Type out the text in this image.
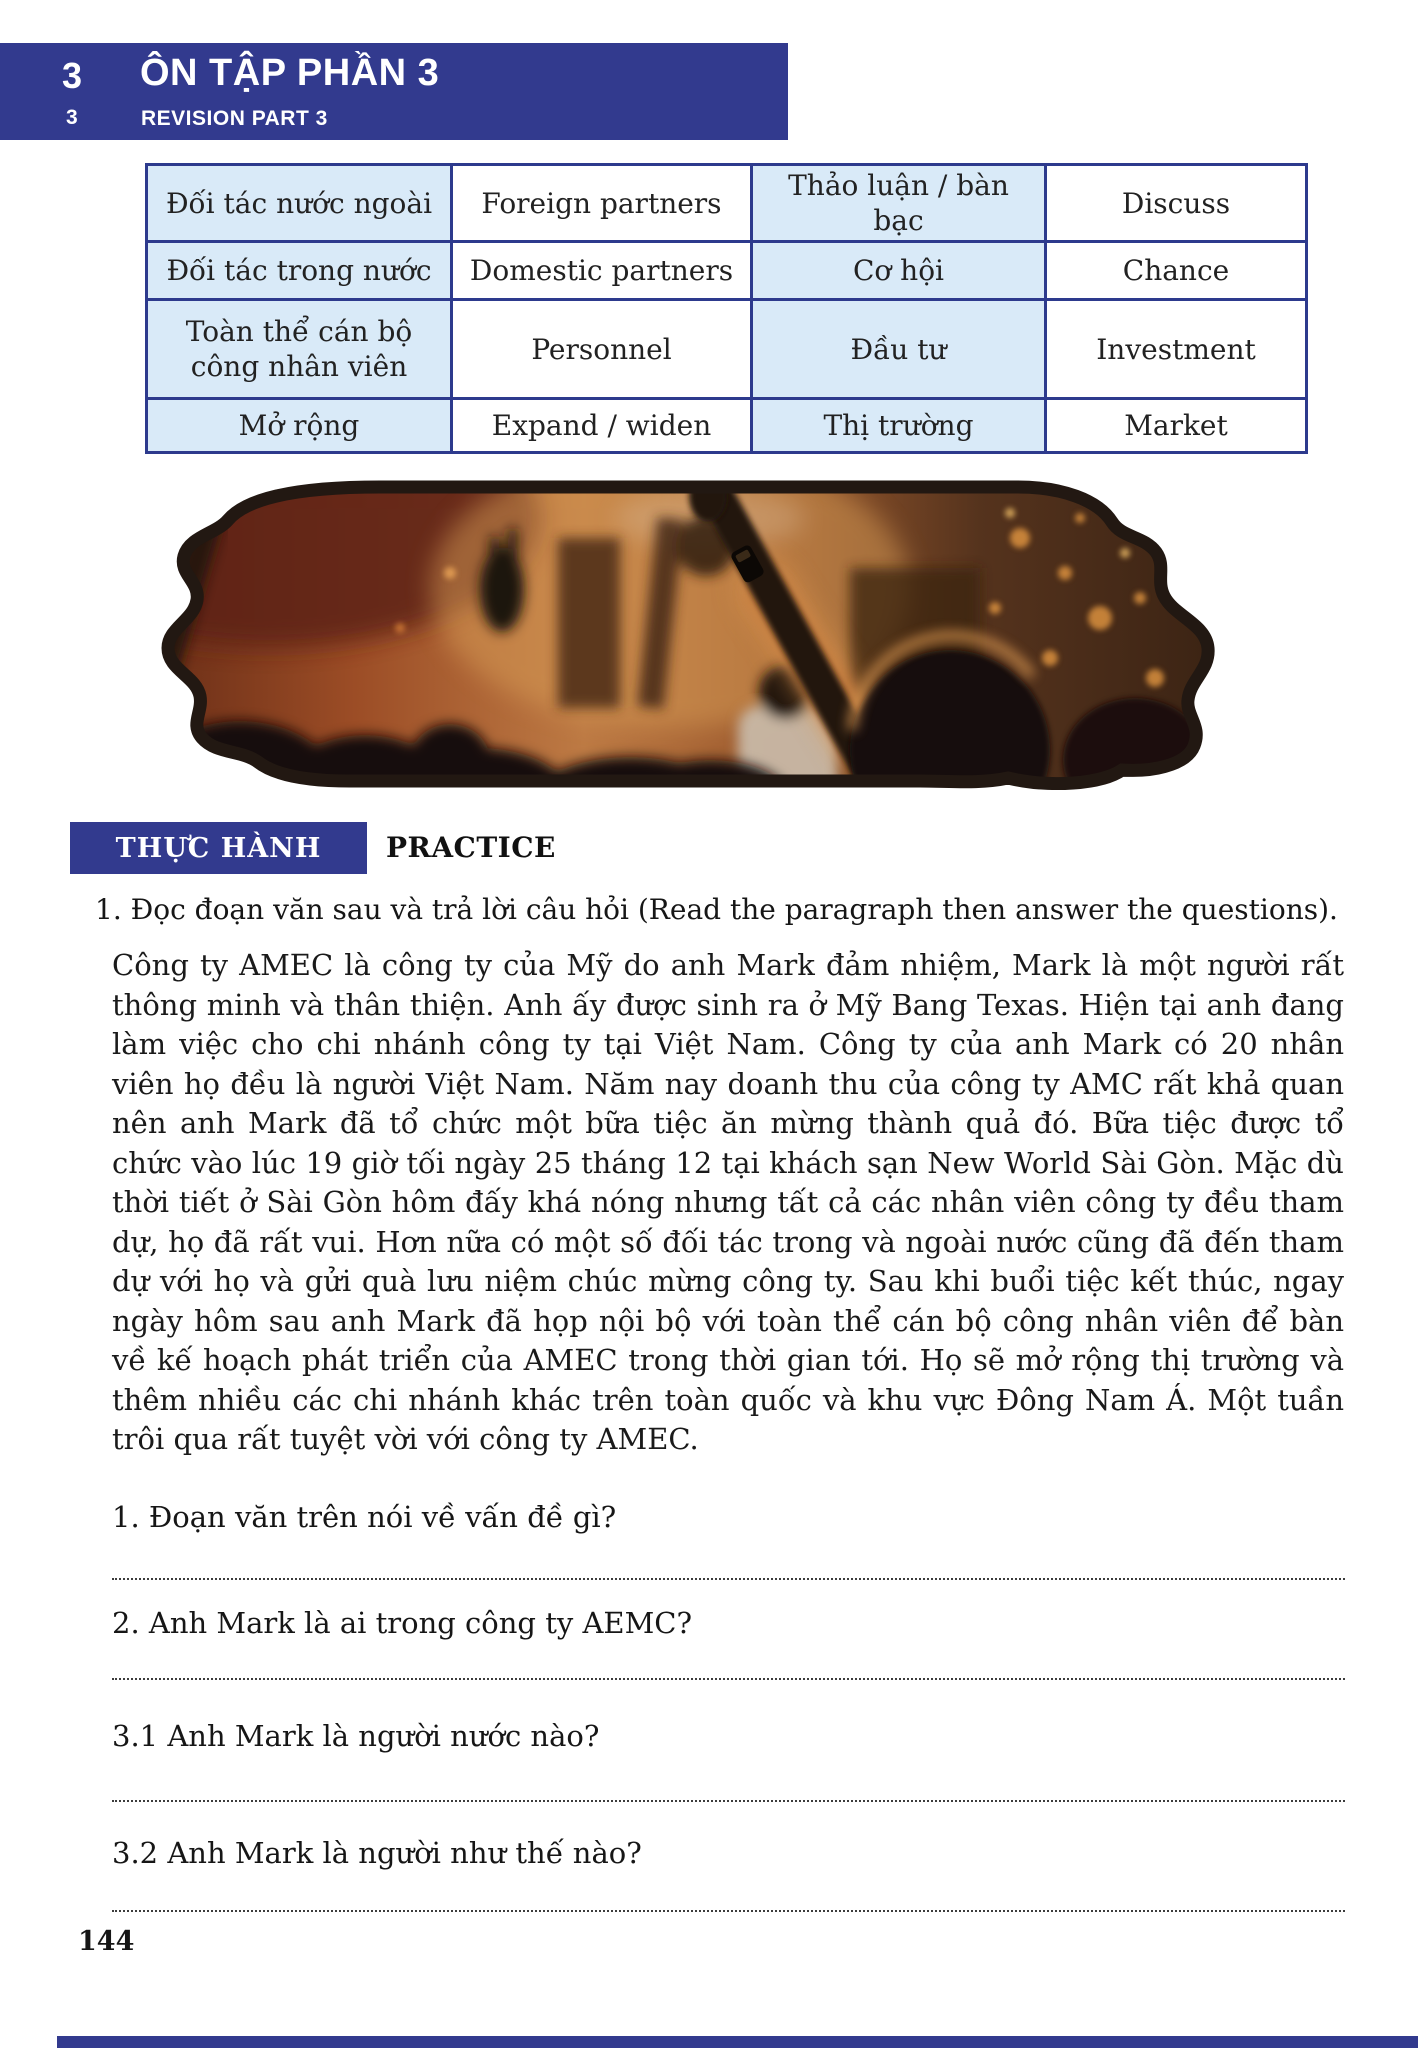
3 ÔN TẬP PHẦN 3
3	REVISION PART 3
Đối tác nước ngoài	Foreign partners	Thảo luận / bàn bạc	Discuss
Đối tác trong nước	Domestic partners	Cơ hội	Chance
Toàn thể cán bộ công nhân viên	Personnel	Đầu tư	Investment
Mở rộng	Expand / widen	Thị trường	Market
THỰC HÀNH PRACTICE
1. Đọc đoạn văn sau và trả lời câu hỏi (Read the paragraph then answer the questions).
Công ty AMEC là công ty của Mỹ do anh Mark đảm nhiệm, Mark là một người rất thông minh và thân thiện. Anh ấy được sinh ra ở Mỹ Bang Texas. Hiện tại anh đang làm việc cho chi nhánh công ty tại Việt Nam. Công ty của anh Mark có 20 nhân viên họ đều là người Việt Nam. Năm nay doanh thu của công ty AMC rất khả quan nên anh Mark đã tổ chức một bữa tiệc ăn mừng thành quả đó. Bữa tiệc được tổ chức vào lúc 19 giờ tối ngày 25 tháng 12 tại khách sạn New World Sài Gòn. Mặc dù thời tiết ở Sài Gòn hôm đấy khá nóng nhưng tất cả các nhân viên công ty đều tham dự, họ đã rất vui. Hơn nữa có một số đối tác trong và ngoài nước cũng đã đến tham dự với họ và gửi quà lưu niệm chúc mừng công ty. Sau khi buổi tiệc kết thúc, ngay ngày hôm sau anh Mark đã họp nội bộ với toàn thể cán bộ công nhân viên để bàn về kế hoạch phát triển của AMEC trong thời gian tới. Họ sẽ mở rộng thị trường và thêm nhiều các chi nhánh khác trên toàn quốc và khu vực Đông Nam Á. Một tuần trôi qua rất tuyệt vời với công ty AMEC.
1. Đoạn văn trên nói về vấn đề gì?
2. Anh Mark là ai trong công ty AEMC?
3.1 Anh Mark là người nước nào?
3.2 Anh Mark là người như thế nào?
144
